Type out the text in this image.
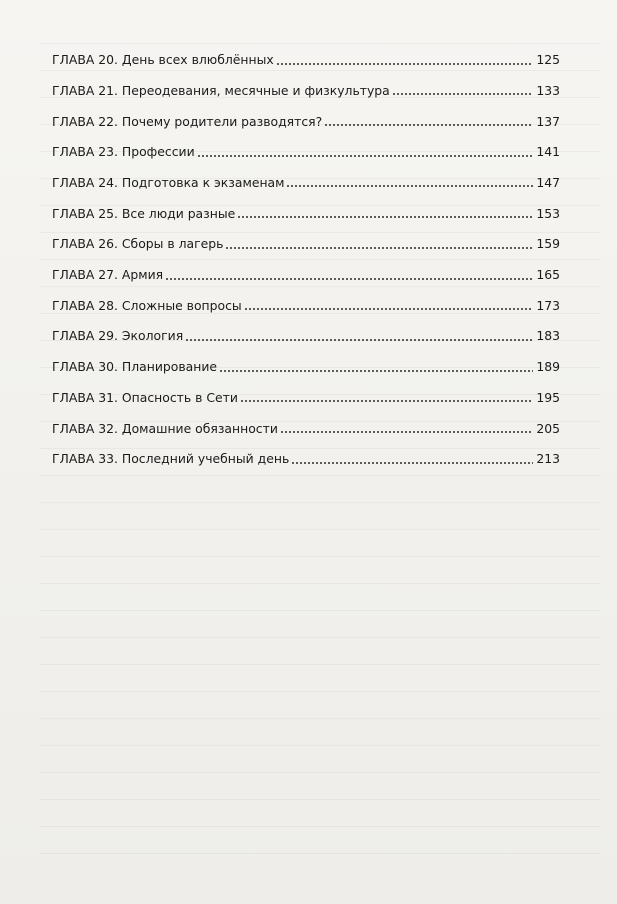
ГЛАВА 20. День всех влюблённых	125
ГЛАВА 21. Переодевания, месячные и физкультура	133
ГЛАВА 22. Почему родители разводятся?	137
ГЛАВА 23. Профессии	141
ГЛАВА 24. Подготовка к экзаменам	147
ГЛАВА 25. Все люди разные	153
ГЛАВА 26. Сборы в лагерь	159
ГЛАВА 27. Армия	165
ГЛАВА 28. Сложные вопросы	173
ГЛАВА 29. Экология	183
ГЛАВА 30. Планирование	189
ГЛАВА 31. Опасность в Сети	195
ГЛАВА 32. Домашние обязанности	205
ГЛАВА 33. Последний учебный день	213
